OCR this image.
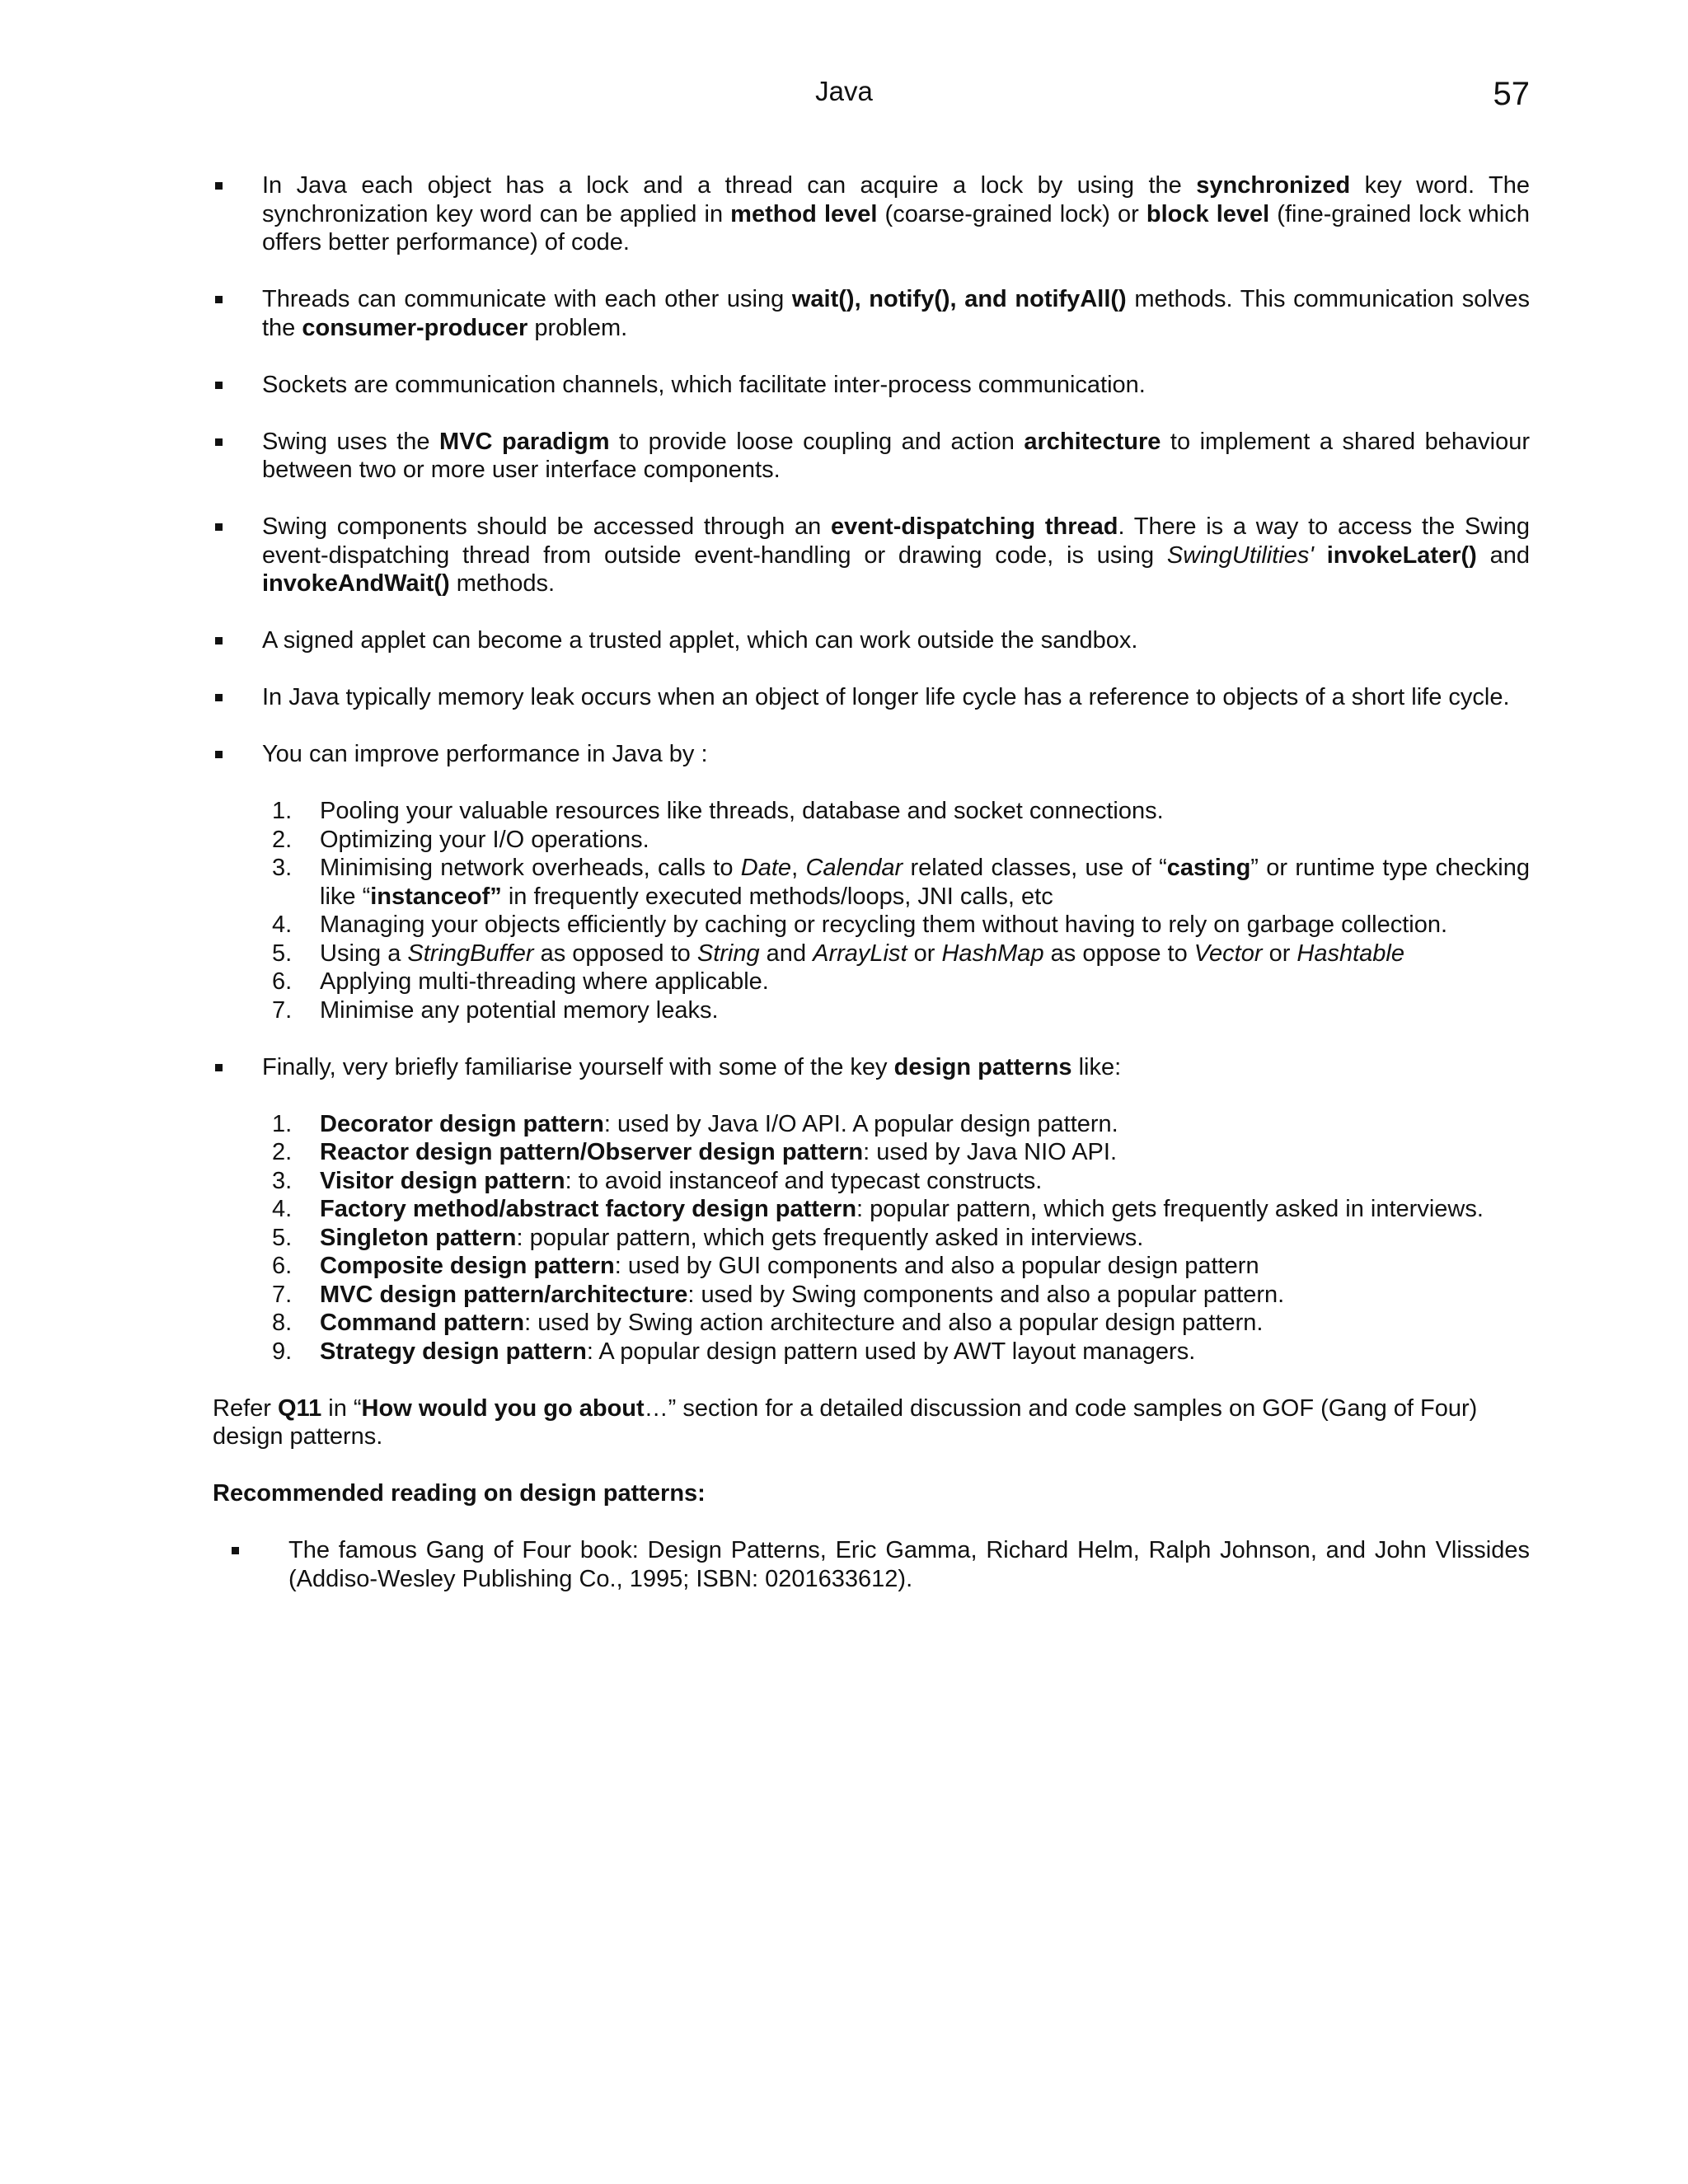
Java	57
In Java each object has a lock and a thread can acquire a lock by using the synchronized key word. The synchronization key word can be applied in method level (coarse-grained lock) or block level (fine-grained lock which offers better performance) of code.
Threads can communicate with each other using wait(), notify(), and notifyAll() methods. This communication solves the consumer-producer problem.
Sockets are communication channels, which facilitate inter-process communication.
Swing uses the MVC paradigm to provide loose coupling and action architecture to implement a shared behaviour between two or more user interface components.
Swing components should be accessed through an event-dispatching thread. There is a way to access the Swing event-dispatching thread from outside event-handling or drawing code, is using SwingUtilities' invokeLater() and invokeAndWait() methods.
A signed applet can become a trusted applet, which can work outside the sandbox.
In Java typically memory leak occurs when an object of longer life cycle has a reference to objects of a short life cycle.
You can improve performance in Java by :
1. Pooling your valuable resources like threads, database and socket connections.
2. Optimizing your I/O operations.
3. Minimising network overheads, calls to Date, Calendar related classes, use of “casting” or runtime type checking like “instanceof” in frequently executed methods/loops, JNI calls, etc
4. Managing your objects efficiently by caching or recycling them without having to rely on garbage collection.
5. Using a StringBuffer as opposed to String and ArrayList or HashMap as oppose to Vector or Hashtable
6. Applying multi-threading where applicable.
7. Minimise any potential memory leaks.
Finally, very briefly familiarise yourself with some of the key design patterns like:
1. Decorator design pattern: used by Java I/O API. A popular design pattern.
2. Reactor design pattern/Observer design pattern: used by Java NIO API.
3. Visitor design pattern: to avoid instanceof and typecast constructs.
4. Factory method/abstract factory design pattern: popular pattern, which gets frequently asked in interviews.
5. Singleton pattern: popular pattern, which gets frequently asked in interviews.
6. Composite design pattern: used by GUI components and also a popular design pattern
7. MVC design pattern/architecture: used by Swing components and also a popular pattern.
8. Command pattern: used by Swing action architecture and also a popular design pattern.
9. Strategy design pattern: A popular design pattern used by AWT layout managers.

Refer Q11 in “How would you go about…” section for a detailed discussion and code samples on GOF (Gang of Four) design patterns.

Recommended reading on design patterns:

The famous Gang of Four book: Design Patterns, Eric Gamma, Richard Helm, Ralph Johnson, and John Vlissides (Addiso-Wesley Publishing Co., 1995; ISBN: 0201633612).
